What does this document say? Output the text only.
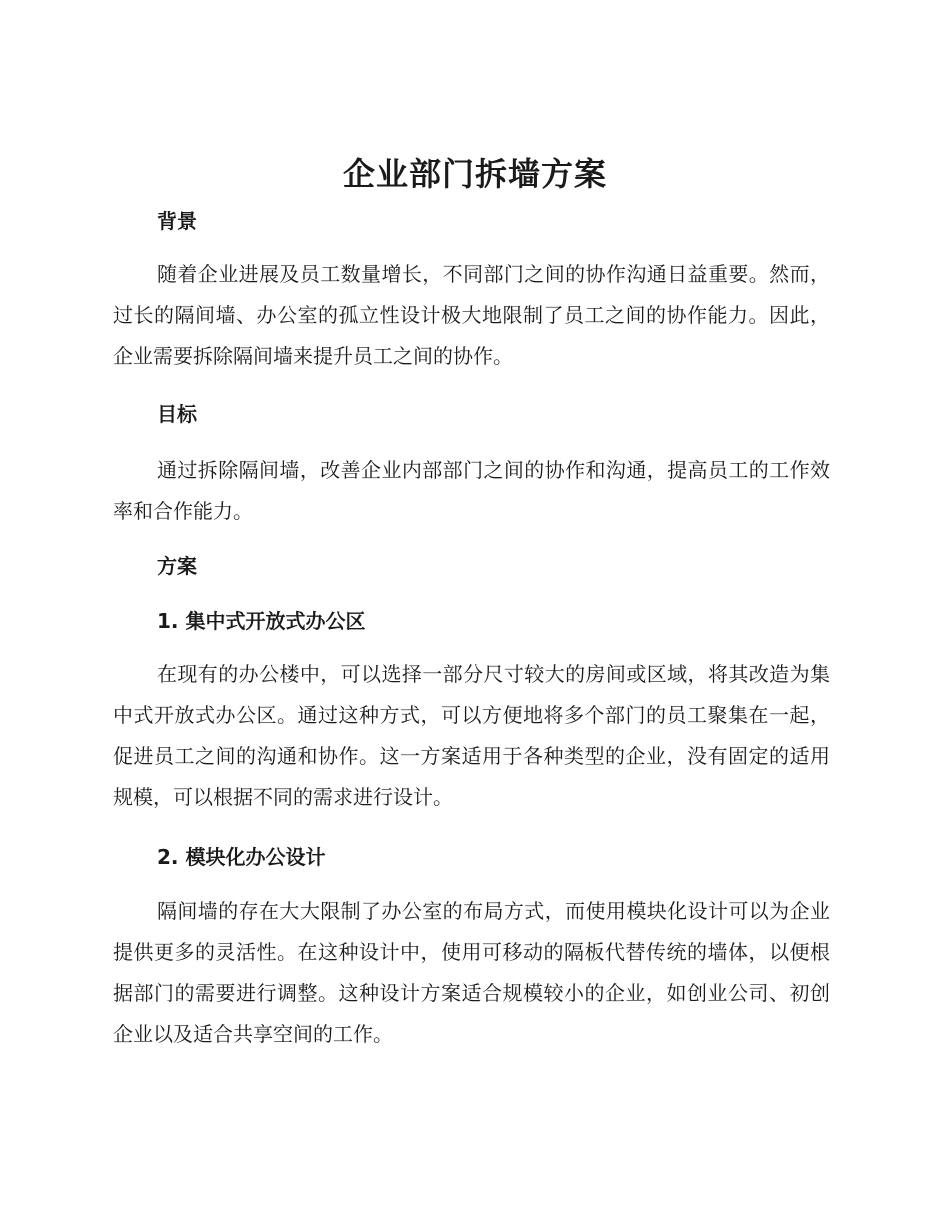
企业部门拆墙方案
背景
随着企业进展及员工数量增长，不同部门之间的协作沟通日益重要。然而，过长的隔间墙、办公室的孤立性设计极大地限制了员工之间的协作能力。因此，企业需要拆除隔间墙来提升员工之间的协作。
目标
通过拆除隔间墙，改善企业内部部门之间的协作和沟通，提高员工的工作效率和合作能力。
方案
1. 集中式开放式办公区
在现有的办公楼中，可以选择一部分尺寸较大的房间或区域，将其改造为集中式开放式办公区。通过这种方式，可以方便地将多个部门的员工聚集在一起，促进员工之间的沟通和协作。这一方案适用于各种类型的企业，没有固定的适用规模，可以根据不同的需求进行设计。
2. 模块化办公设计
隔间墙的存在大大限制了办公室的布局方式，而使用模块化设计可以为企业提供更多的灵活性。在这种设计中，使用可移动的隔板代替传统的墙体，以便根据部门的需要进行调整。这种设计方案适合规模较小的企业，如创业公司、初创企业以及适合共享空间的工作。
